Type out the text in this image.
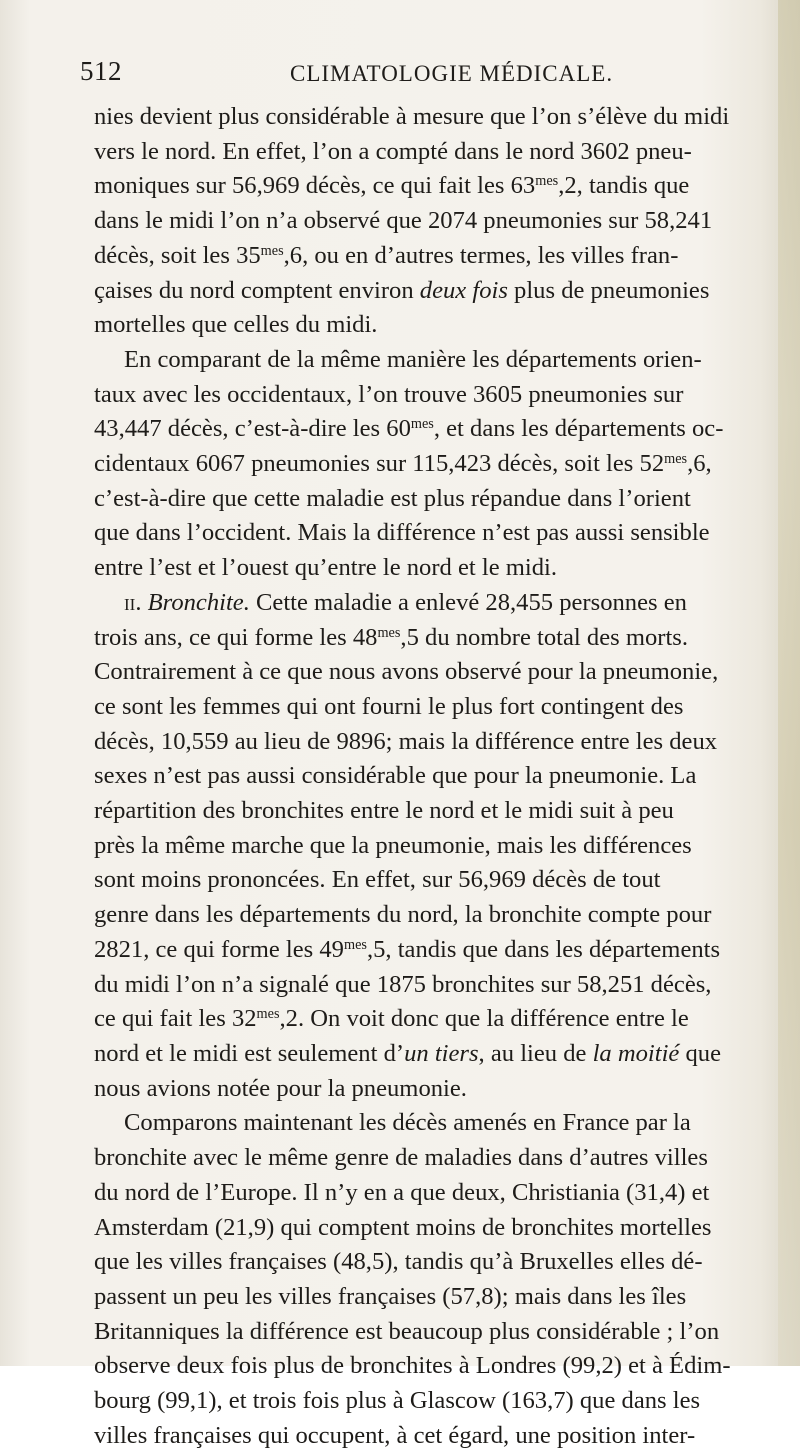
512	CLIMATOLOGIE MÉDICALE.

nies devient plus considérable à mesure que l’on s’élève du midi
vers le nord. En effet, l’on a compté dans le nord 3602 pneu-
moniques sur 56,969 décès, ce qui fait les $63^{mes},2$, tandis que
dans le midi l’on n’a observé que 2074 pneumonies sur 58,241
décès, soit les $35^{mes},6$, ou en d’autres termes, les villes fran-
çaises du nord comptent environ deux fois plus de pneumonies
mortelles que celles du midi.

En comparant de la même manière les départements orien-
taux avec les occidentaux, l’on trouve 3605 pneumonies sur
43,447 décès, c’est-à-dire les $60^{mes}$, et dans les départements oc-
cidentaux 6067 pneumonies sur 115,423 décès, soit les $52^{mes},6$,
c’est-à-dire que cette maladie est plus répandue dans l’orient
que dans l’occident. Mais la différence n’est pas aussi sensible
entre l’est et l’ouest qu’entre le nord et le midi.

ii. Bronchite. Cette maladie a enlevé 28,455 personnes en
trois ans, ce qui forme les $48^{mes},5$ du nombre total des morts.
Contrairement à ce que nous avons observé pour la pneumonie,
ce sont les femmes qui ont fourni le plus fort contingent des
décès, 10,559 au lieu de 9896; mais la différence entre les deux
sexes n’est pas aussi considérable que pour la pneumonie. La
répartition des bronchites entre le nord et le midi suit à peu
près la même marche que la pneumonie, mais les différences
sont moins prononcées. En effet, sur 56,969 décès de tout
genre dans les départements du nord, la bronchite compte pour
2821, ce qui forme les $49^{mes},5$, tandis que dans les départements
du midi l’on n’a signalé que 1875 bronchites sur 58,251 décès,
ce qui fait les $32^{mes},2$. On voit donc que la différence entre le
nord et le midi est seulement d’un tiers, au lieu de la moitié que
nous avions notée pour la pneumonie.

Comparons maintenant les décès amenés en France par la
bronchite avec le même genre de maladies dans d’autres villes
du nord de l’Europe. Il n’y en a que deux, Christiania (31,4) et
Amsterdam (21,9) qui comptent moins de bronchites mortelles
que les villes françaises (48,5), tandis qu’à Bruxelles elles dé-
passent un peu les villes françaises (57,8); mais dans les îles
Britanniques la différence est beaucoup plus considérable ; l’on
observe deux fois plus de bronchites à Londres (99,2) et à Édim-
bourg (99,1), et trois fois plus à Glascow (163,7) que dans les
villes françaises qui occupent, à cet égard, une position inter-
